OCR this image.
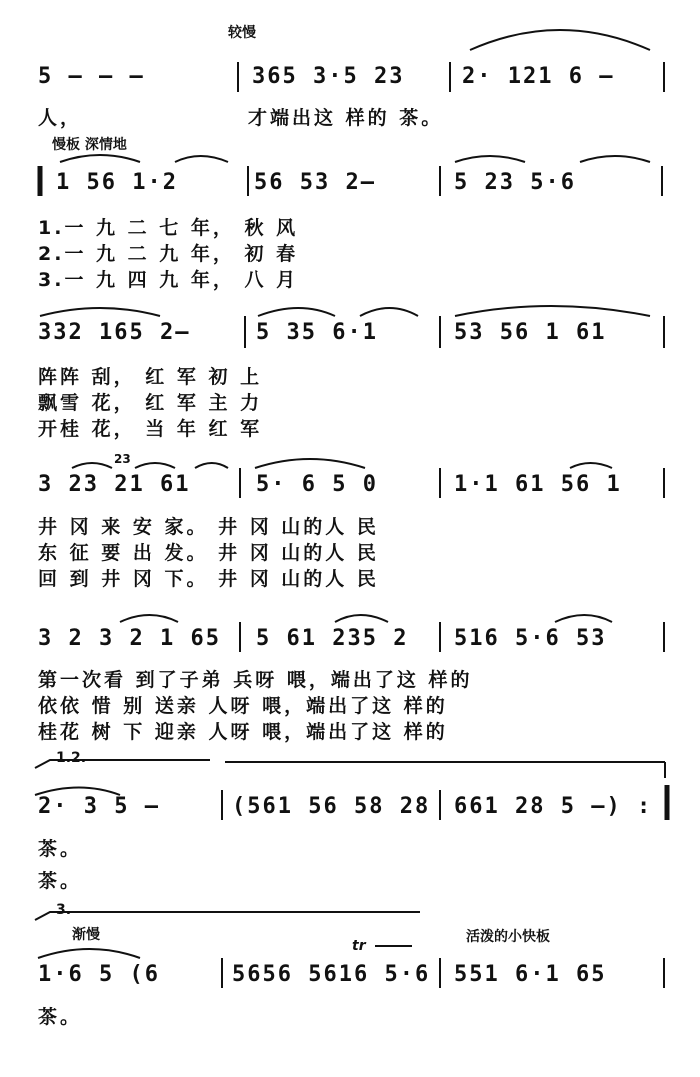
较慢
5 — — —	365 3·5 23	2· 121 6 —
人，	才端出这 样的 茶。
慢板 深情地
1 56 1·2	56 53 2—	5 23 5·6
1.一 九 二 七 年， 秋 风
2.一 九 二 九 年， 初 春
3.一 九 四 九 年， 八 月
332 165 2—	5 35 6·1	53 56 1 61
阵阵 刮， 红 军 初 上
飘雪 花， 红 军 主 力
开桂 花， 当 年 红 军
23
3 23 21 61	5· 6 5 0	1·1 61 56 1
井 冈 来 安 家。 井 冈 山的人 民
东 征 要 出 发。 井 冈 山的人 民
回 到 井 冈 下。 井 冈 山的人 民
3 2 3 2 1 65	5 61 235 2	516 5·6 53
第一次看 到了子弟 兵呀 喂，端出了这 样的
依依 惜 别 送亲 人呀 喂，端出了这 样的
桂花 树 下 迎亲 人呀 喂，端出了这 样的
1.2.
2· 3 5 —	(561 56 58 28 661 28 5 —) :
茶。
茶。
3.
渐慢	活泼的小快板
tr
1·6 5 (6	5656 5616 5·6 551 6·1 65
茶。
